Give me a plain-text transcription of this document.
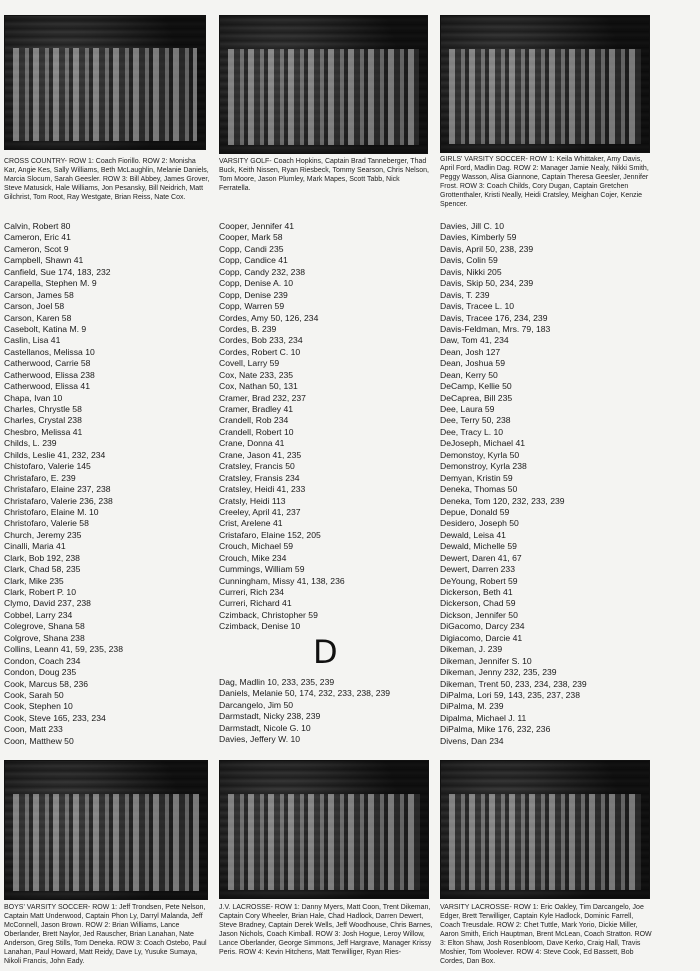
CROSS COUNTRY- ROW 1: Coach Fiorillo. ROW 2: Monisha Kar, Angie Kes, Sally Williams, Beth McLaughlin, Melanie Daniels, Marcia Slocum, Sarah Geesler. ROW 3: Bill Abbey, James Grover, Steve Matusick, Hale Williams, Jon Pesansky, Bill Neidrich, Matt Gilchrist, Tom Root, Ray Westgate, Brian Reiss, Nate Cox.
VARSITY GOLF- Coach Hopkins, Captain Brad Tanneberger, Thad Buck, Keith Nissen, Ryan Riesbeck, Tommy Searson, Chris Nelson, Tom Moore, Jason Plumley, Mark Mapes, Scott Tabb, Nick Ferratella.
GIRLS' VARSITY SOCCER- ROW 1: Keila Whittaker, Amy Davis, April Ford, Madlin Dag. ROW 2: Manager Jamie Nealy, Nikki Smith, Peggy Wasson, Alisa Giannone, Captain Theresa Geesler, Jennifer Frost. ROW 3: Coach Childs, Cory Dugan, Captain Gretchen Grottenthaler, Kristi Neally, Heidi Cratsley, Meighan Cojer, Kenzie Spencer.
Calvin, Robert 80
Cameron, Eric 41
Cameron, Scot 9
Campbell, Shawn 41
Canfield, Sue 174, 183, 232
Carapella, Stephen M. 9
Carson, James 58
Carson, Joel 58
Carson, Karen 58
Casebolt, Katina M. 9
Caslin, Lisa 41
Castellanos, Melissa 10
Catherwood, Carrie 58
Catherwood, Elissa 238
Catherwood, Elissa 41
Chapa, Ivan 10
Charles, Chrystle 58
Charles, Crystal 238
Chesbro, Melissa 41
Childs, L. 239
Childs, Leslie 41, 232, 234
Chistofaro, Valerie 145
Christafaro, E. 239
Christafaro, Elaine 237, 238
Christafaro, Valerie 236, 238
Christofaro, Elaine M. 10
Christofaro, Valerie 58
Church, Jeremy 235
Cinalli, Maria 41
Clark, Bob 192, 238
Clark, Chad 58, 235
Clark, Mike 235
Clark, Robert P. 10
Clymo, David 237, 238
Cobbel, Larry 234
Colegrove, Shana 58
Colgrove, Shana 238
Collins, Leann 41, 59, 235, 238
Condon, Coach 234
Condon, Doug 235
Cook, Marcus 58, 236
Cook, Sarah 50
Cook, Stephen 10
Cook, Steve 165, 233, 234
Coon, Matt 233
Coon, Matthew 50
Cooper, Jennifer 41
Cooper, Mark 58
Copp, Candi 235
Copp, Candice 41
Copp, Candy 232, 238
Copp, Denise A. 10
Copp, Denise 239
Copp, Warren 59
Cordes, Amy 50, 126, 234
Cordes, B. 239
Cordes, Bob 233, 234
Cordes, Robert C. 10
Covell, Larry 59
Cox, Nate 233, 235
Cox, Nathan 50, 131
Cramer, Brad 232, 237
Cramer, Bradley 41
Crandell, Rob 234
Crandell, Robert 10
Crane, Donna 41
Crane, Jason 41, 235
Cratsley, Francis 50
Cratsley, Fransis 234
Cratsley, Heidi 41, 233
Cratsly, Heidi 113
Creeley, April 41, 237
Crist, Arelene 41
Cristafaro, Elaine 152, 205
Crouch, Michael 59
Crouch, Mike 234
Cummings, William 59
Cunningham, Missy 41, 138, 236
Curreri, Rich 234
Curreri, Richard 41
Czimback, Christopher 59
Czimback, Denise 10
D
Dag, Madlin 10, 233, 235, 239
Daniels, Melanie 50, 174, 232, 233, 238, 239
Darcangelo, Jim 50
Darmstadt, Nicky 238, 239
Darmstadt, Nicole G. 10
Davies, Jeffery W. 10
Davies, Jill C. 10
Davies, Kimberly 59
Davis, April 50, 238, 239
Davis, Colin 59
Davis, Nikki 205
Davis, Skip 50, 234, 239
Davis, T. 239
Davis, Tracee L. 10
Davis, Tracee 176, 234, 239
Davis-Feldman, Mrs. 79, 183
Daw, Tom 41, 234
Dean, Josh 127
Dean, Joshua 59
Dean, Kerry 50
DeCamp, Kellie 50
DeCaprea, Bill 235
Dee, Laura 59
Dee, Terry 50, 238
Dee, Tracy L. 10
DeJoseph, Michael 41
Demonstoy, Kyrla 50
Demonstroy, Kyrla 238
Demyan, Kristin 59
Deneka, Thomas 50
Deneka, Tom 120, 232, 233, 239
Depue, Donald 59
Desidero, Joseph 50
Dewald, Leisa 41
Dewald, Michelle 59
Dewert, Daren 41, 67
Dewert, Darren 233
DeYoung, Robert 59
Dickerson, Beth 41
Dickerson, Chad 59
Dickson, Jennifer 50
DiGacomo, Darcy 234
Digiacomo, Darcie 41
Dikeman, J. 239
Dikeman, Jennifer S. 10
Dikeman, Jenny 232, 235, 239
Dikeman, Trent 50, 233, 234, 238, 239
DiPalma, Lori 59, 143, 235, 237, 238
DiPalma, M. 239
Dipalma, Michael J. 11
DiPalma, Mike 176, 232, 236
Divens, Dan 234
BOYS' VARSITY SOCCER- ROW 1: Jeff Trondsen, Pete Nelson, Captain Matt Underwood, Captain Phon Ly, Darryl Malanda, Jeff McConnell, Jason Brown. ROW 2: Brian Williams, Lance Oberlander, Brett Naylor, Jed Rauscher, Brian Lanahan, Nate Anderson, Greg Stills, Tom Deneka. ROW 3: Coach Ostebo, Paul Lanahan, Paul Howard, Matt Reidy, Dave Ly, Yusuke Sumaya, Nikoli Francis, John Eady.
J.V. LACROSSE- ROW 1: Danny Myers, Matt Coon, Trent Dikeman, Captain Cory Wheeler, Brian Hale, Chad Hadlock, Darren Dewert, Steve Bradney, Captain Derek Wells, Jeff Woodhouse, Chris Barnes, Jason Nichols, Coach Kimball. ROW 3: Josh Hogue, Leroy Willow, Lance Oberlander, George Simmons, Jeff Hargrave, Manager Krissy Peris. ROW 4: Kevin Hitchens, Matt Terwilliger, Ryan Ries-
VARSITY LACROSSE- ROW 1: Eric Oakley, Tim Darcangelo, Joe Edger, Brett Terwilliger, Captain Kyle Hadlock, Dominic Farrell, Coach Treusdale. ROW 2: Chet Tuttle, Mark Yorio, Dickie Miller, Aaron Smith, Erich Hauptman, Brent McLean, Coach Stratton. ROW 3: Elton Shaw, Josh Rosenbloom, Dave Kerko, Craig Hall, Travis Moshier, Tom Woolever. ROW 4: Steve Cook, Ed Bassett, Bob Cordes, Dan Box.
